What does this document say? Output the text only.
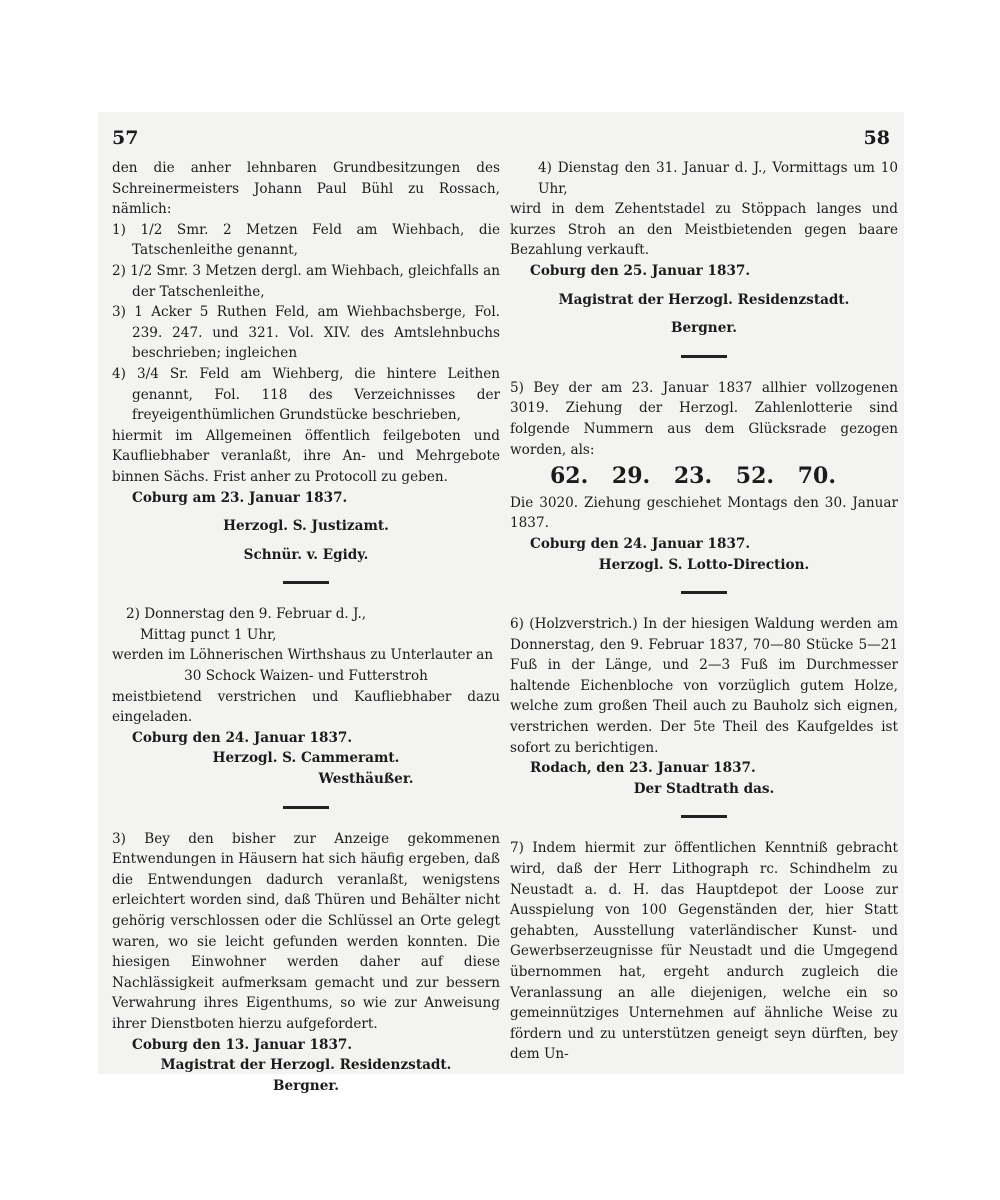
57

den die anher lehnbaren Grundbesitzungen des Schreinermeisters Johann Paul Bühl zu Rossach, nämlich:

1) 1/2 Smr. 2 Metzen Feld am Wiehbach, die Tatschenleithe genannt,

2) 1/2 Smr. 3 Metzen dergl. am Wiehbach, gleichfalls an der Tatschenleithe,

3) 1 Acker 5 Ruthen Feld, am Wiehbachsberge, Fol. 239. 247. und 321. Vol. XIV. des Amtslehnbuchs beschrieben; ingleichen

4) 3/4 Sr. Feld am Wiehberg, die hintere Leithen genannt, Fol. 118 des Verzeichnisses der freyeigenthümlichen Grundstücke beschrieben,

hiermit im Allgemeinen öffentlich feilgeboten und Kaufliebhaber veranlaßt, ihre An- und Mehrgebote binnen Sächs. Frist anher zu Protocoll zu geben.

Coburg am 23. Januar 1837.

Herzogl. S. Justizamt.

Schnür. v. Egidy.

2) Donnerstag den 9. Februar d. J.,

Mittag punct 1 Uhr,

werden im Löhnerischen Wirthshaus zu Unterlauter an

30 Schock Waizen- und Futterstroh

meistbietend verstrichen und Kaufliebhaber dazu eingeladen.

Coburg den 24. Januar 1837.

Herzogl. S. Cammeramt.

Westhäußer.

3) Bey den bisher zur Anzeige gekommenen Entwendungen in Häusern hat sich häufig ergeben, daß die Entwendungen dadurch veranlaßt, wenigstens erleichtert worden sind, daß Thüren und Behälter nicht gehörig verschlossen oder die Schlüssel an Orte gelegt waren, wo sie leicht gefunden werden konnten. Die hiesigen Einwohner werden daher auf diese Nachlässigkeit aufmerksam gemacht und zur bessern Verwahrung ihres Eigenthums, so wie zur Anweisung ihrer Dienstboten hierzu aufgefordert.

Coburg den 13. Januar 1837.

Magistrat der Herzogl. Residenzstadt.

Bergner.

58

4) Dienstag den 31. Januar d. J., Vormittags um 10 Uhr,

wird in dem Zehentstadel zu Stöppach langes und kurzes Stroh an den Meistbietenden gegen baare Bezahlung verkauft.

Coburg den 25. Januar 1837.

Magistrat der Herzogl. Residenzstadt.

Bergner.

5) Bey der am 23. Januar 1837 allhier vollzogenen 3019. Ziehung der Herzogl. Zahlenlotterie sind folgende Nummern aus dem Glücksrade gezogen worden, als:

62. 29. 23. 52. 70.

Die 3020. Ziehung geschiehet Montags den 30. Januar 1837.

Coburg den 24. Januar 1837.

Herzogl. S. Lotto-Direction.

6) (Holzverstrich.) In der hiesigen Waldung werden am Donnerstag, den 9. Februar 1837, 70—80 Stücke 5—21 Fuß in der Länge, und 2—3 Fuß im Durchmesser haltende Eichenbloche von vorzüglich gutem Holze, welche zum großen Theil auch zu Bauholz sich eignen, verstrichen werden. Der 5te Theil des Kaufgeldes ist sofort zu berichtigen.

Rodach, den 23. Januar 1837.

Der Stadtrath das.

7) Indem hiermit zur öffentlichen Kenntniß gebracht wird, daß der Herr Lithograph rc. Schindhelm zu Neustadt a. d. H. das Hauptdepot der Loose zur Ausspielung von 100 Gegenständen der, hier Statt gehabten, Ausstellung vaterländischer Kunst- und Gewerbserzeugnisse für Neustadt und die Umgegend übernommen hat, ergeht andurch zugleich die Veranlassung an alle diejenigen, welche ein so gemeinnütziges Unternehmen auf ähnliche Weise zu fördern und zu unterstützen geneigt seyn dürften, bey dem Un-
